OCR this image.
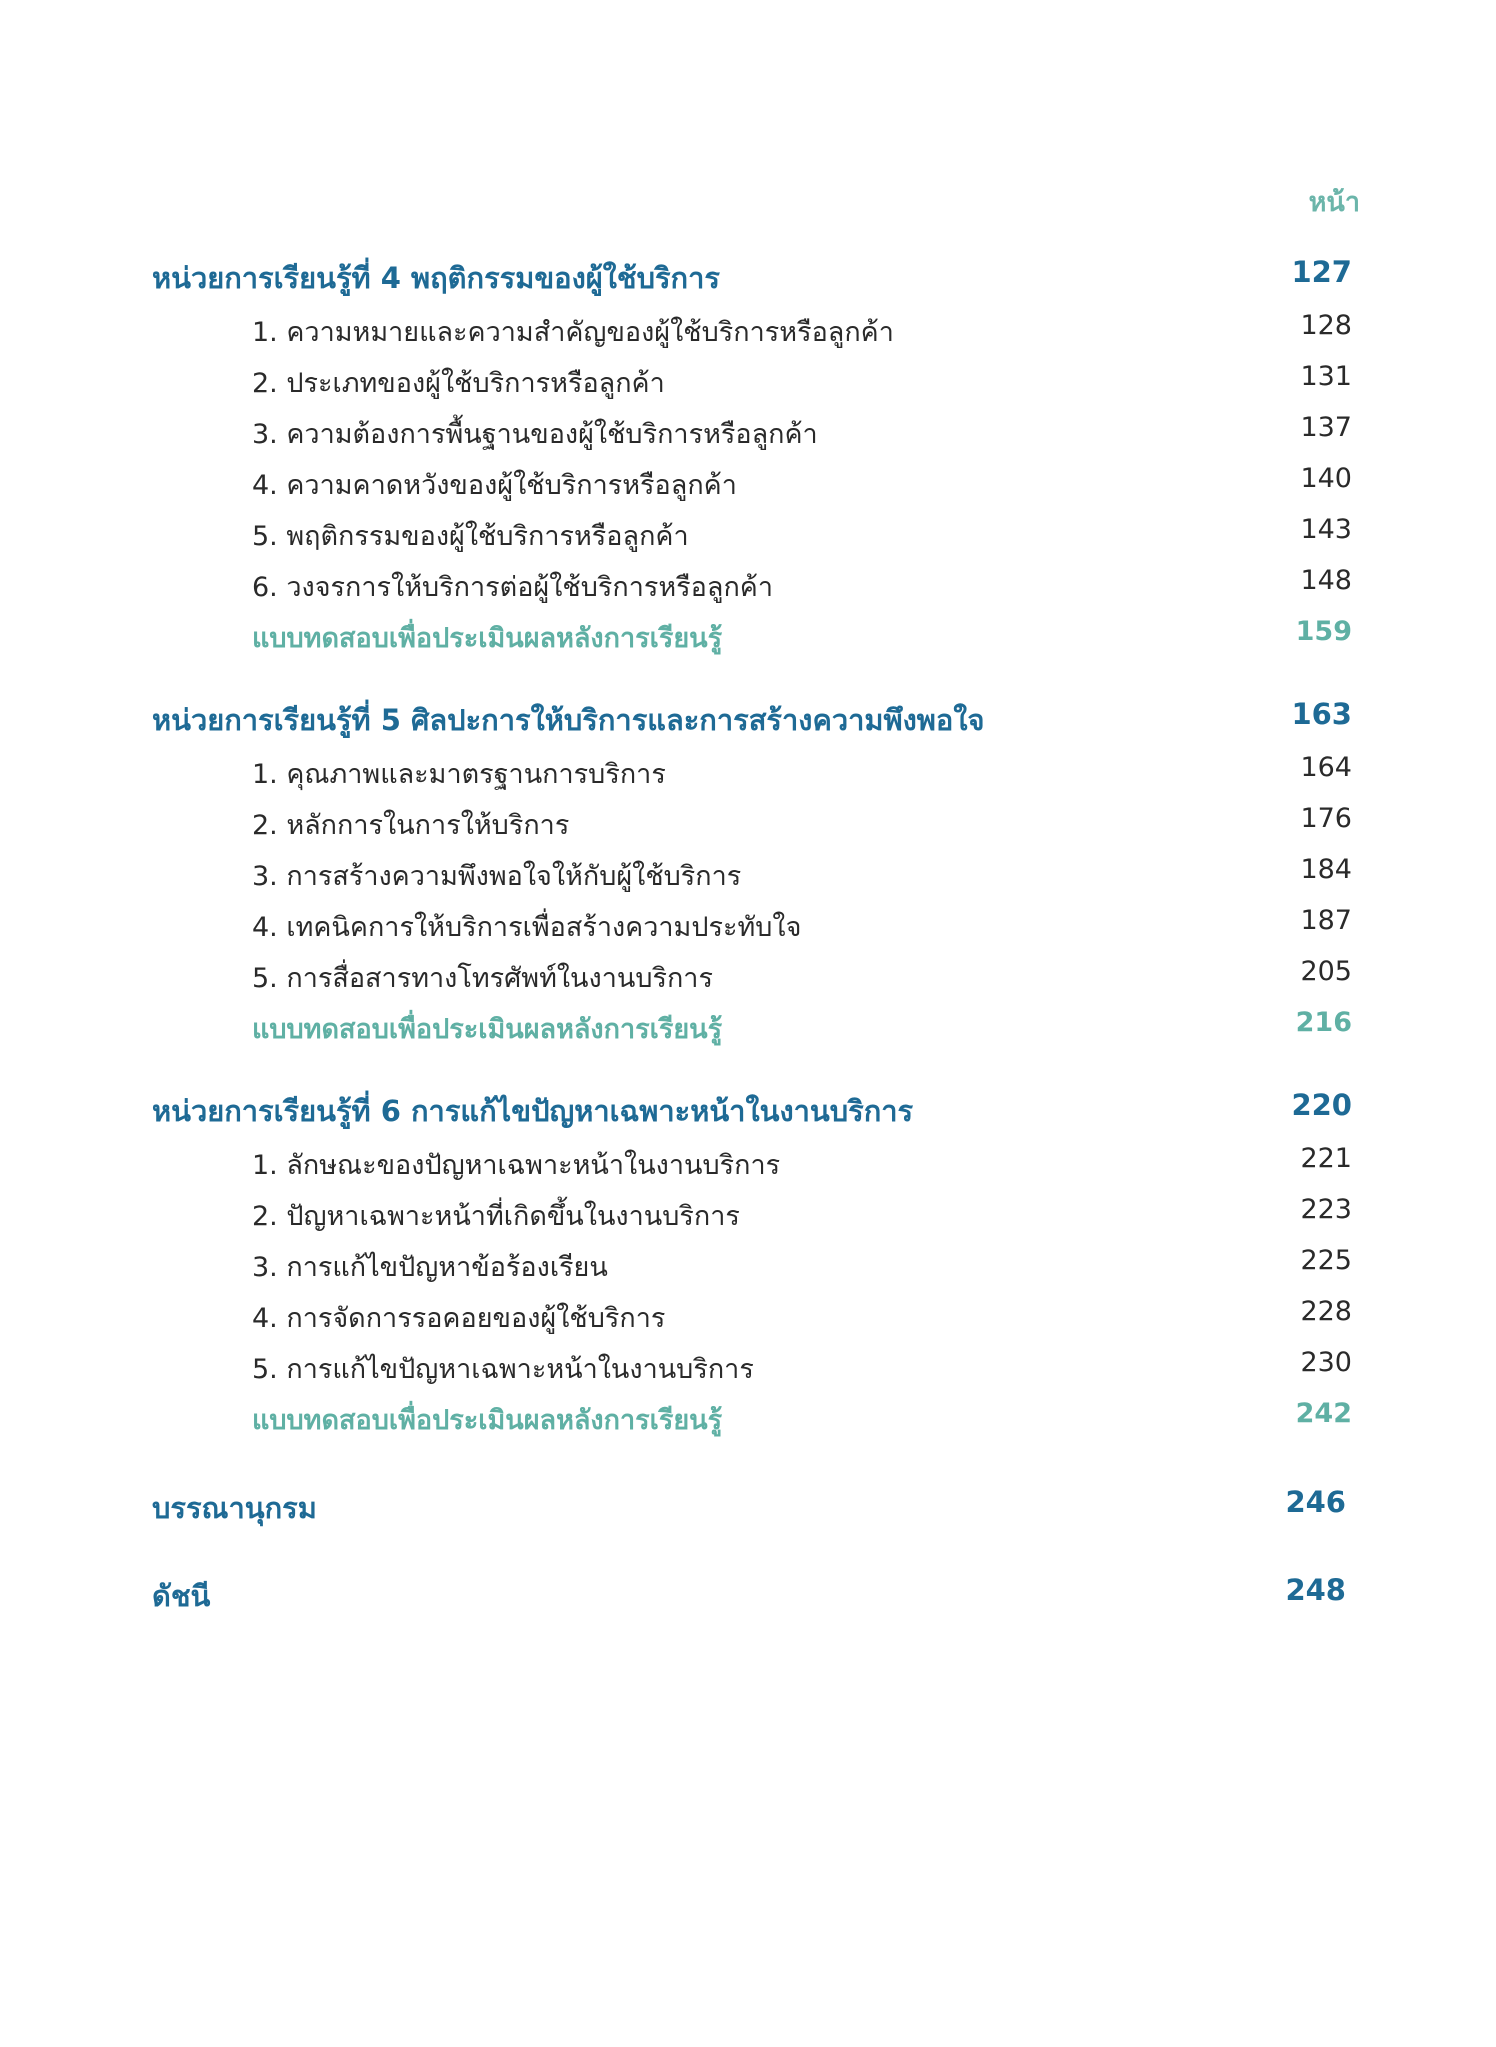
หน้า
หน่วยการเรียนรู้ที่ 4 พฤติกรรมของผู้ใช้บริการ	127
1. ความหมายและความสำคัญของผู้ใช้บริการหรือลูกค้า	128
2. ประเภทของผู้ใช้บริการหรือลูกค้า	131
3. ความต้องการพื้นฐานของผู้ใช้บริการหรือลูกค้า	137
4. ความคาดหวังของผู้ใช้บริการหรือลูกค้า	140
5. พฤติกรรมของผู้ใช้บริการหรือลูกค้า	143
6. วงจรการให้บริการต่อผู้ใช้บริการหรือลูกค้า	148
แบบทดสอบเพื่อประเมินผลหลังการเรียนรู้	159
หน่วยการเรียนรู้ที่ 5 ศิลปะการให้บริการและการสร้างความพึงพอใจ	163
1. คุณภาพและมาตรฐานการบริการ	164
2. หลักการในการให้บริการ	176
3. การสร้างความพึงพอใจให้กับผู้ใช้บริการ	184
4. เทคนิคการให้บริการเพื่อสร้างความประทับใจ	187
5. การสื่อสารทางโทรศัพท์ในงานบริการ	205
แบบทดสอบเพื่อประเมินผลหลังการเรียนรู้	216
หน่วยการเรียนรู้ที่ 6 การแก้ไขปัญหาเฉพาะหน้าในงานบริการ	220
1. ลักษณะของปัญหาเฉพาะหน้าในงานบริการ	221
2. ปัญหาเฉพาะหน้าที่เกิดขึ้นในงานบริการ	223
3. การแก้ไขปัญหาข้อร้องเรียน	225
4. การจัดการรอคอยของผู้ใช้บริการ	228
5. การแก้ไขปัญหาเฉพาะหน้าในงานบริการ	230
แบบทดสอบเพื่อประเมินผลหลังการเรียนรู้	242
บรรณานุกรม	246
ดัชนี	248
